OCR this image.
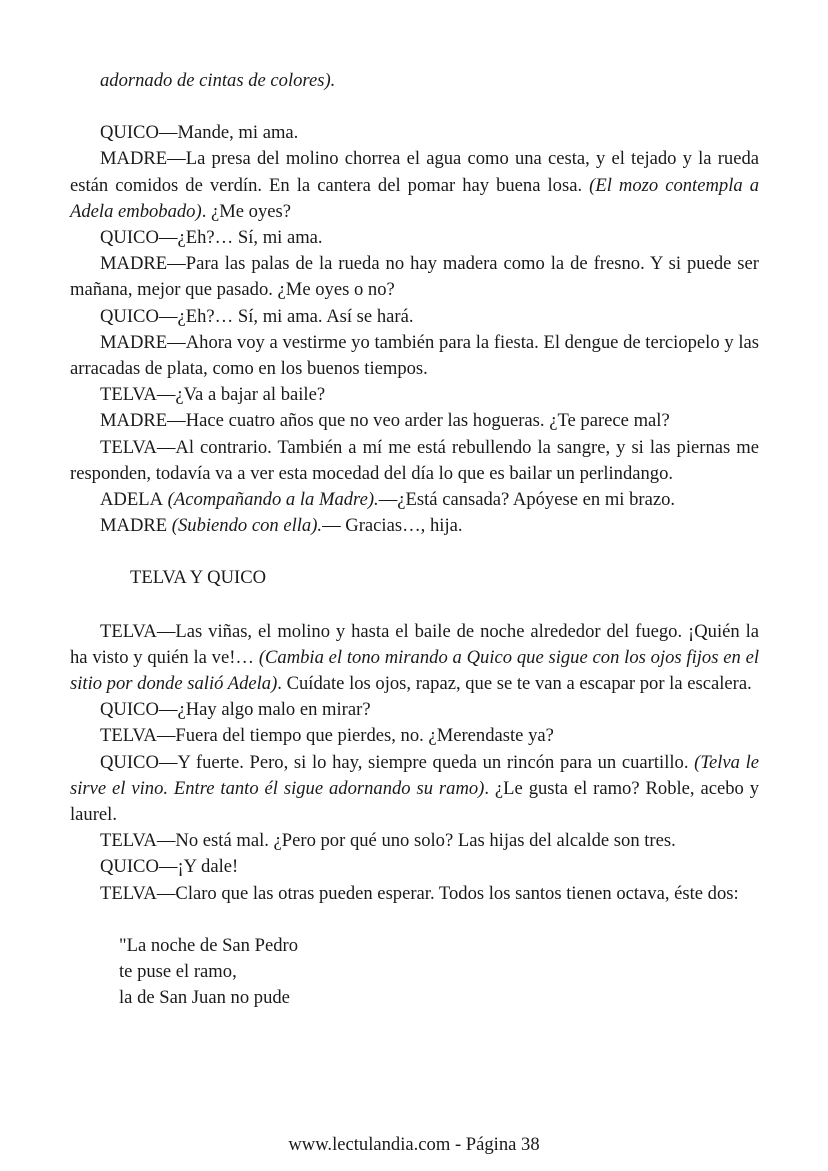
adornado de cintas de colores).

QUICO—Mande, mi ama.

MADRE—La presa del molino chorrea el agua como una cesta, y el tejado y la rueda están comidos de verdín. En la cantera del pomar hay buena losa. (El mozo contempla a Adela embobado). ¿Me oyes?

QUICO—¿Eh?… Sí, mi ama.

MADRE—Para las palas de la rueda no hay madera como la de fresno. Y si puede ser mañana, mejor que pasado. ¿Me oyes o no?

QUICO—¿Eh?… Sí, mi ama. Así se hará.

MADRE—Ahora voy a vestirme yo también para la fiesta. El dengue de terciopelo y las arracadas de plata, como en los buenos tiempos.

TELVA—¿Va a bajar al baile?

MADRE—Hace cuatro años que no veo arder las hogueras. ¿Te parece mal?

TELVA—Al contrario. También a mí me está rebullendo la sangre, y si las piernas me responden, todavía va a ver esta mocedad del día lo que es bailar un perlindango.

ADELA (Acompañando a la Madre).—¿Está cansada? Apóyese en mi brazo.

MADRE (Subiendo con ella).— Gracias…, hija.

TELVA Y QUICO

TELVA—Las viñas, el molino y hasta el baile de noche alrededor del fuego. ¡Quién la ha visto y quién la ve!… (Cambia el tono mirando a Quico que sigue con los ojos fijos en el sitio por donde salió Adela). Cuídate los ojos, rapaz, que se te van a escapar por la escalera.

QUICO—¿Hay algo malo en mirar?

TELVA—Fuera del tiempo que pierdes, no. ¿Merendaste ya?

QUICO—Y fuerte. Pero, si lo hay, siempre queda un rincón para un cuartillo. (Telva le sirve el vino. Entre tanto él sigue adornando su ramo). ¿Le gusta el ramo? Roble, acebo y laurel.

TELVA—No está mal. ¿Pero por qué uno solo? Las hijas del alcalde son tres.

QUICO—¡Y dale!

TELVA—Claro que las otras pueden esperar. Todos los santos tienen octava, éste dos:

"La noche de San Pedro
te puse el ramo,
la de San Juan no pude
www.lectulandia.com - Página 38
